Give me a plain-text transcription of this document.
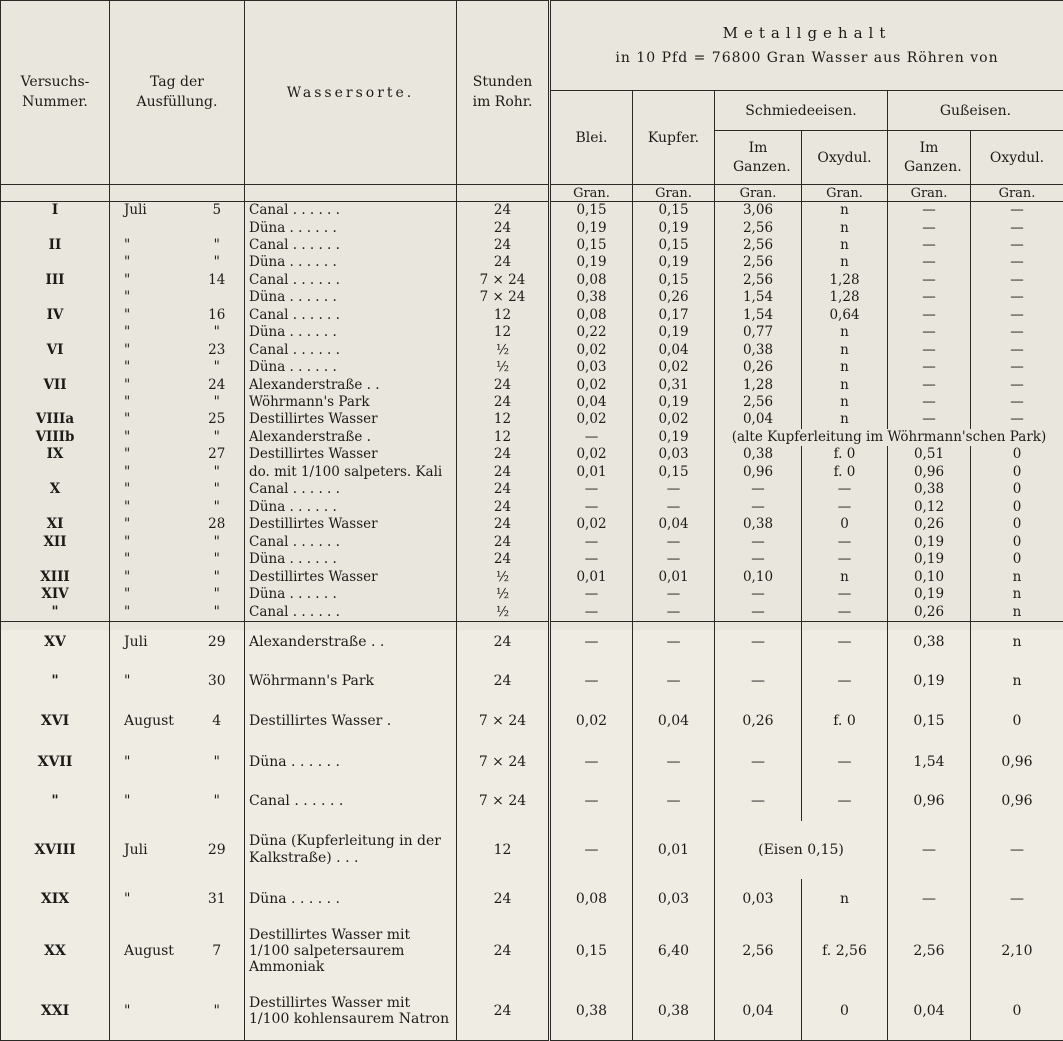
Versuchs-Nummer.	Tag der Ausfüllung.		Wassersorte.	Stunden im Rohr.	Metallgehalt
in 10 Pfd = 76800 Gran Wasser aus Röhren von					

					Blei.	Kupfer.	Schmiedeeisen.		Gußeisen.	

							Im Ganzen.	Oxydul.	Im Ganzen.	Oxydul.
					Gran.	Gran.	Gran.	Gran.	Gran.	Gran.
I	Juli	5	Canal . . . . . .	24	0,15	0,15	3,06	n	—	—
			Düna . . . . . .	24	0,19	0,19	2,56	n	—	—
II	"	"	Canal . . . . . .	24	0,15	0,15	2,56	n	—	—
	"	"	Düna . . . . . .	24	0,19	0,19	2,56	n	—	—
III	"	14	Canal . . . . . .	7 × 24	0,08	0,15	2,56	1,28	—	—
	"		Düna . . . . . .	7 × 24	0,38	0,26	1,54	1,28	—	—
IV	"	16	Canal . . . . . .	12	0,08	0,17	1,54	0,64	—	—
	"	"	Düna . . . . . .	12	0,22	0,19	0,77	n	—	—
VI	"	23	Canal . . . . . .	½	0,02	0,04	0,38	n	—	—
	"	"	Düna . . . . . .	½	0,03	0,02	0,26	n	—	—
VII	"	24	Alexanderstraße . .	24	0,02	0,31	1,28	n	—	—
	"	"	Wöhrmann's Park	24	0,04	0,19	2,56	n	—	—
VIIIa	"	25	Destillirtes Wasser	12	0,02	0,02	0,04	n	—	—
VIIIb	"	"	Alexanderstraße .	12	—	0,19	(alte Kupferleitung im Wöhrmann'schen Park)			
IX	"	27	Destillirtes Wasser	24	0,02	0,03	0,38	f. 0	0,51	0
	"	"	do. mit 1/100 salpeters. Kali	24	0,01	0,15	0,96	f. 0	0,96	0
X	"	"	Canal . . . . . .	24	—	—	—	—	0,38	0
	"	"	Düna . . . . . .	24	—	—	—	—	0,12	0
XI	"	28	Destillirtes Wasser	24	0,02	0,04	0,38	0	0,26	0
XII	"	"	Canal . . . . . .	24	—	—	—	—	0,19	0
	"	"	Düna . . . . . .	24	—	—	—	—	0,19	0
XIII	"	"	Destillirtes Wasser	½	0,01	0,01	0,10	n	0,10	n
XIV	"	"	Düna . . . . . .	½	—	—	—	—	0,19	n
"	"	"	Canal . . . . . .	½	—	—	—	—	0,26	n
XV	Juli	29	Alexanderstraße . .	24	—	—	—	—	0,38	n
"	"	30	Wöhrmann's Park	24	—	—	—	—	0,19	n
XVI	August	4	Destillirtes Wasser .	7 × 24	0,02	0,04	0,26	f. 0	0,15	0
XVII	"	"	Düna . . . . . .	7 × 24	—	—	—	—	1,54	0,96
"	"	"	Canal . . . . . .	7 × 24	—	—	—	—	0,96	0,96
XVIII	Juli	29	Düna (Kupferleitung in der Kalkstraße) . . .	12	—	0,01	(Eisen 0,15)		—	—
XIX	"	31	Düna . . . . . .	24	0,08	0,03	0,03	n	—	—
XX	August	7	Destillirtes Wasser mit 1/100 salpetersaurem Ammoniak	24	0,15	6,40	2,56	f. 2,56	2,56	2,10
XXI	"	"	Destillirtes Wasser mit 1/100 kohlensaurem Natron	24	0,38	0,38	0,04	0	0,04	0
